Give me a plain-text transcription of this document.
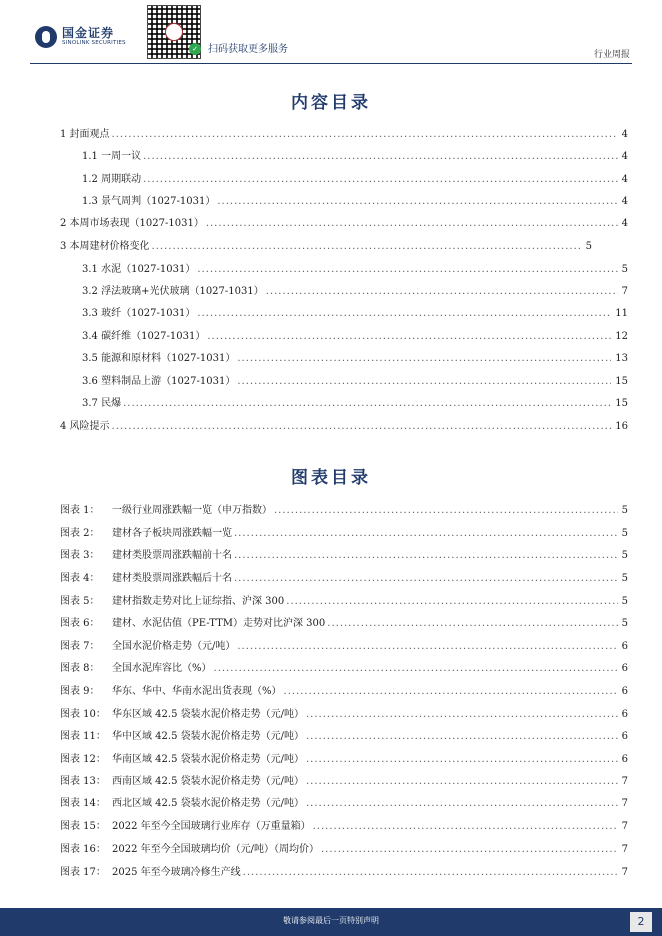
国金证券
SINOLINK SECURITIES
✓	扫码获取更多服务	行业周报
内容目录
1 封面观点 .....	4
1.1 一周一议 .....	4
1.2 周期联动 .....	4
1.3 景气周判（1027-1031） .....	4
2 本周市场表现（1027-1031） .....	4
3 本周建材价格变化 .....	5
3.1 水泥（1027-1031） .....	5
3.2 浮法玻璃+光伏玻璃（1027-1031） .....	7
3.3 玻纤（1027-1031） .....	11
3.4 碳纤维（1027-1031） .....	12
3.5 能源和原材料（1027-1031） .....	13
3.6 塑料制品上游（1027-1031） .....	15
3.7 民爆 .....	15
4 风险提示 .....	16
图表目录
图表 1： 一级行业周涨跌幅一览（申万指数） .....	5
图表 2： 建材各子板块周涨跌幅一览 .....	5
图表 3： 建材类股票周涨跌幅前十名 .....	5
图表 4： 建材类股票周涨跌幅后十名 .....	5
图表 5： 建材指数走势对比上证综指、沪深 300 .....	5
图表 6： 建材、水泥估值（PE-TTM）走势对比沪深 300 .....	5
图表 7： 全国水泥价格走势（元/吨） .....	6
图表 8： 全国水泥库容比（%） .....	6
图表 9： 华东、华中、华南水泥出货表现（%） .....	6
图表 10： 华东区域 42.5 袋装水泥价格走势（元/吨） .....	6
图表 11： 华中区域 42.5 袋装水泥价格走势（元/吨） .....	6
图表 12： 华南区域 42.5 袋装水泥价格走势（元/吨） .....	6
图表 13： 西南区域 42.5 袋装水泥价格走势（元/吨） .....	7
图表 14： 西北区域 42.5 袋装水泥价格走势（元/吨） .....	7
图表 15： 2022 年至今全国玻璃行业库存（万重量箱） .....	7
图表 16： 2022 年至今全国玻璃均价（元/吨）（周均价） .....	7
图表 17： 2025 年至今玻璃冷修生产线 .....	7
敬请参阅最后一页特别声明	2
